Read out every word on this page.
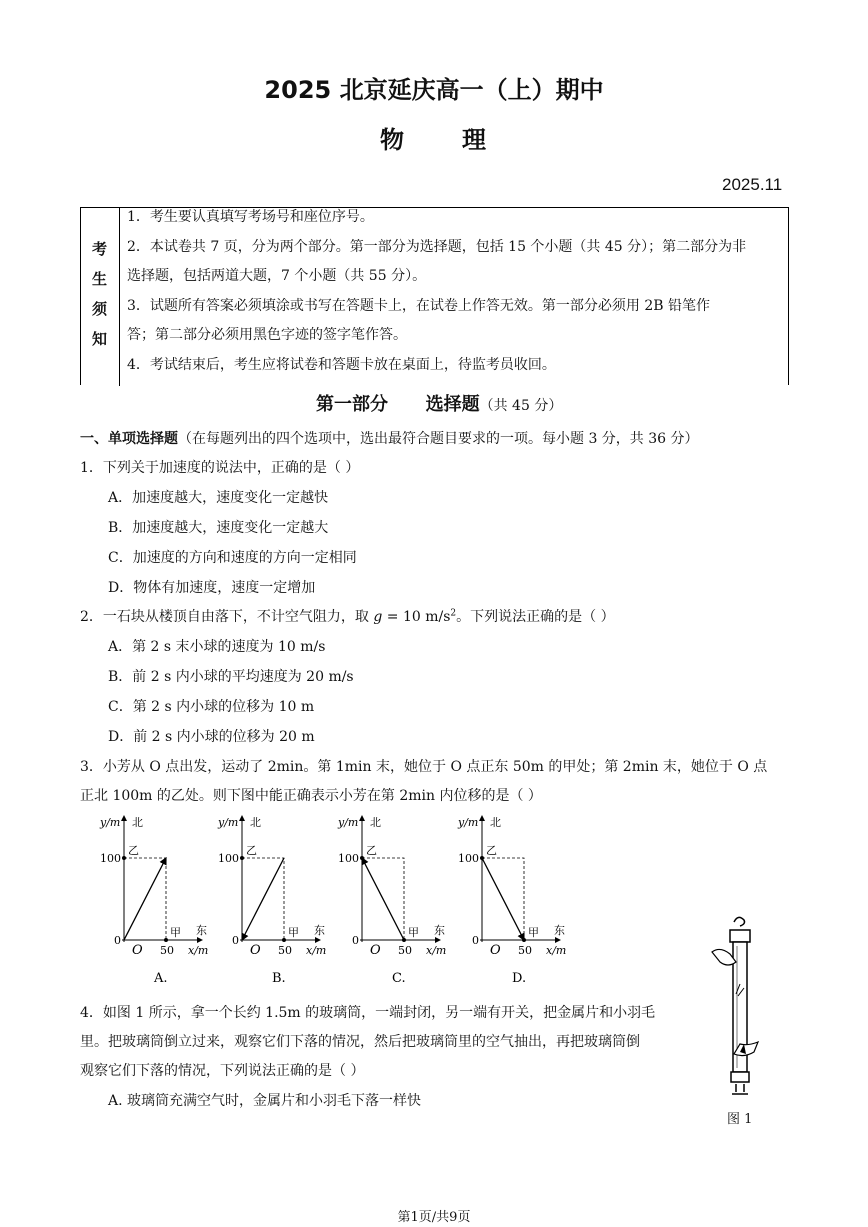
2025 北京延庆高一（上）期中
物理
2025.11
考
生
须
知
1．考生要认真填写考场号和座位序号。
2．本试卷共 7 页，分为两个部分。第一部分为选择题，包括 15 个小题（共 45 分）；第二部分为非
选择题，包括两道大题，7 个小题（共 55 分）。
3．试题所有答案必须填涂或书写在答题卡上，在试卷上作答无效。第一部分必须用 2B 铅笔作
答；第二部分必须用黑色字迹的签字笔作答。
4．考试结束后，考生应将试卷和答题卡放在桌面上，待监考员收回。
第一部分      选择题（共 45 分）
一、单项选择题（在每题列出的四个选项中，选出最符合题目要求的一项。每小题 3 分，共 36 分）
1．下列关于加速度的说法中，正确的是（ ）
A．加速度越大，速度变化一定越快
B．加速度越大，速度变化一定越大
C．加速度的方向和速度的方向一定相同
D．物体有加速度，速度一定增加
2．一石块从楼顶自由落下，不计空气阻力，取 g = 10 $m/s^2$。下列说法正确的是（ ）
A．第 2 s 末小球的速度为 10 m/s
B．前 2 s 内小球的平均速度为 20 m/s
C．第 2 s 内小球的位移为 10 m
D．前 2 s 内小球的位移为 20 m
3．小芳从 O 点出发，运动了 2min。第 1min 末，她位于 O 点正东 50m 的甲处；第 2min 末，她位于 O 点
正北 100m 的乙处。则下图中能正确表示小芳在第 2min 内位移的是（ ）
y/m 北
100
乙
甲 东
0
O 50 x/m
A.
y/m 北
100
乙
甲 东
0
O 50 x/m
B.
y/m 北
100
乙
甲 东
0
O 50 x/m
C.
y/m 北
100
乙
甲 东
0
O 50 x/m
D.
4．如图 1 所示，拿一个长约 1.5m 的玻璃筒，一端封闭，另一端有开关，把金属片和小羽毛
里。把玻璃筒倒立过来，观察它们下落的情况，然后把玻璃筒里的空气抽出，再把玻璃筒倒
观察它们下落的情况，下列说法正确的是（ ）
A. 玻璃筒充满空气时，金属片和小羽毛下落一样快
图 1
第1页/共9页
